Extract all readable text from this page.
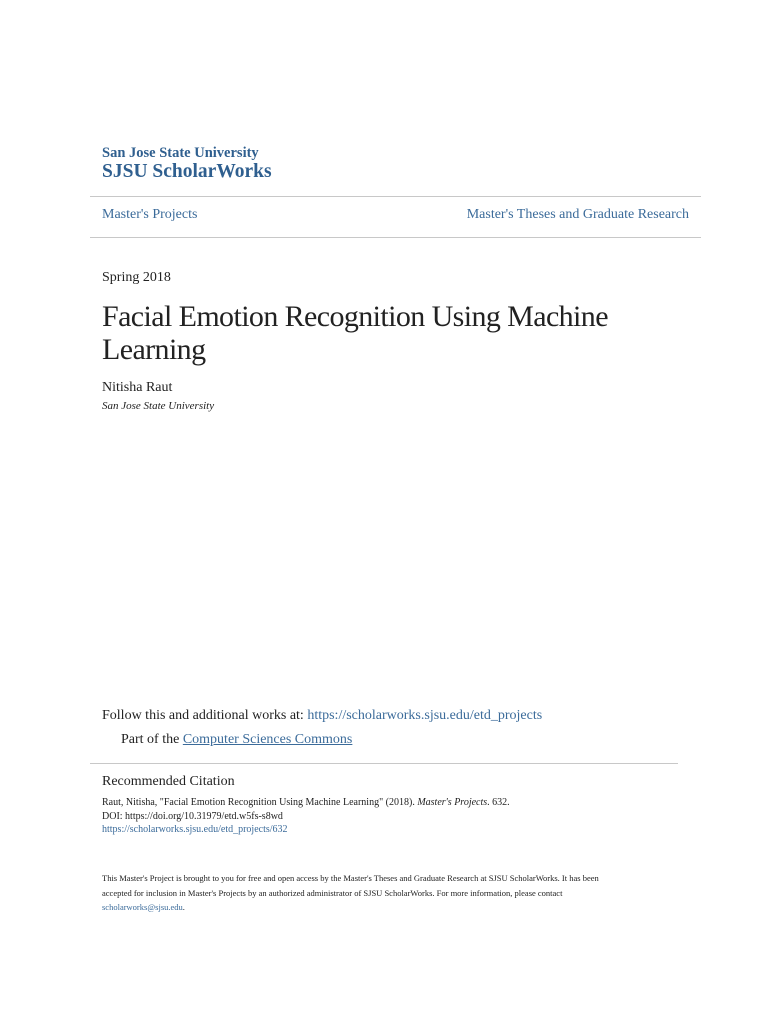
San Jose State University
SJSU ScholarWorks
Master's Projects	Master's Theses and Graduate Research
Spring 2018
Facial Emotion Recognition Using Machine
Learning
Nitisha Raut
San Jose State University
Follow this and additional works at: https://scholarworks.sjsu.edu/etd_projects
Part of the Computer Sciences Commons
Recommended Citation
Raut, Nitisha, "Facial Emotion Recognition Using Machine Learning" (2018). Master's Projects. 632.
DOI: https://doi.org/10.31979/etd.w5fs-s8wd
https://scholarworks.sjsu.edu/etd_projects/632
This Master's Project is brought to you for free and open access by the Master's Theses and Graduate Research at SJSU ScholarWorks. It has been
accepted for inclusion in Master's Projects by an authorized administrator of SJSU ScholarWorks. For more information, please contact
scholarworks@sjsu.edu.
